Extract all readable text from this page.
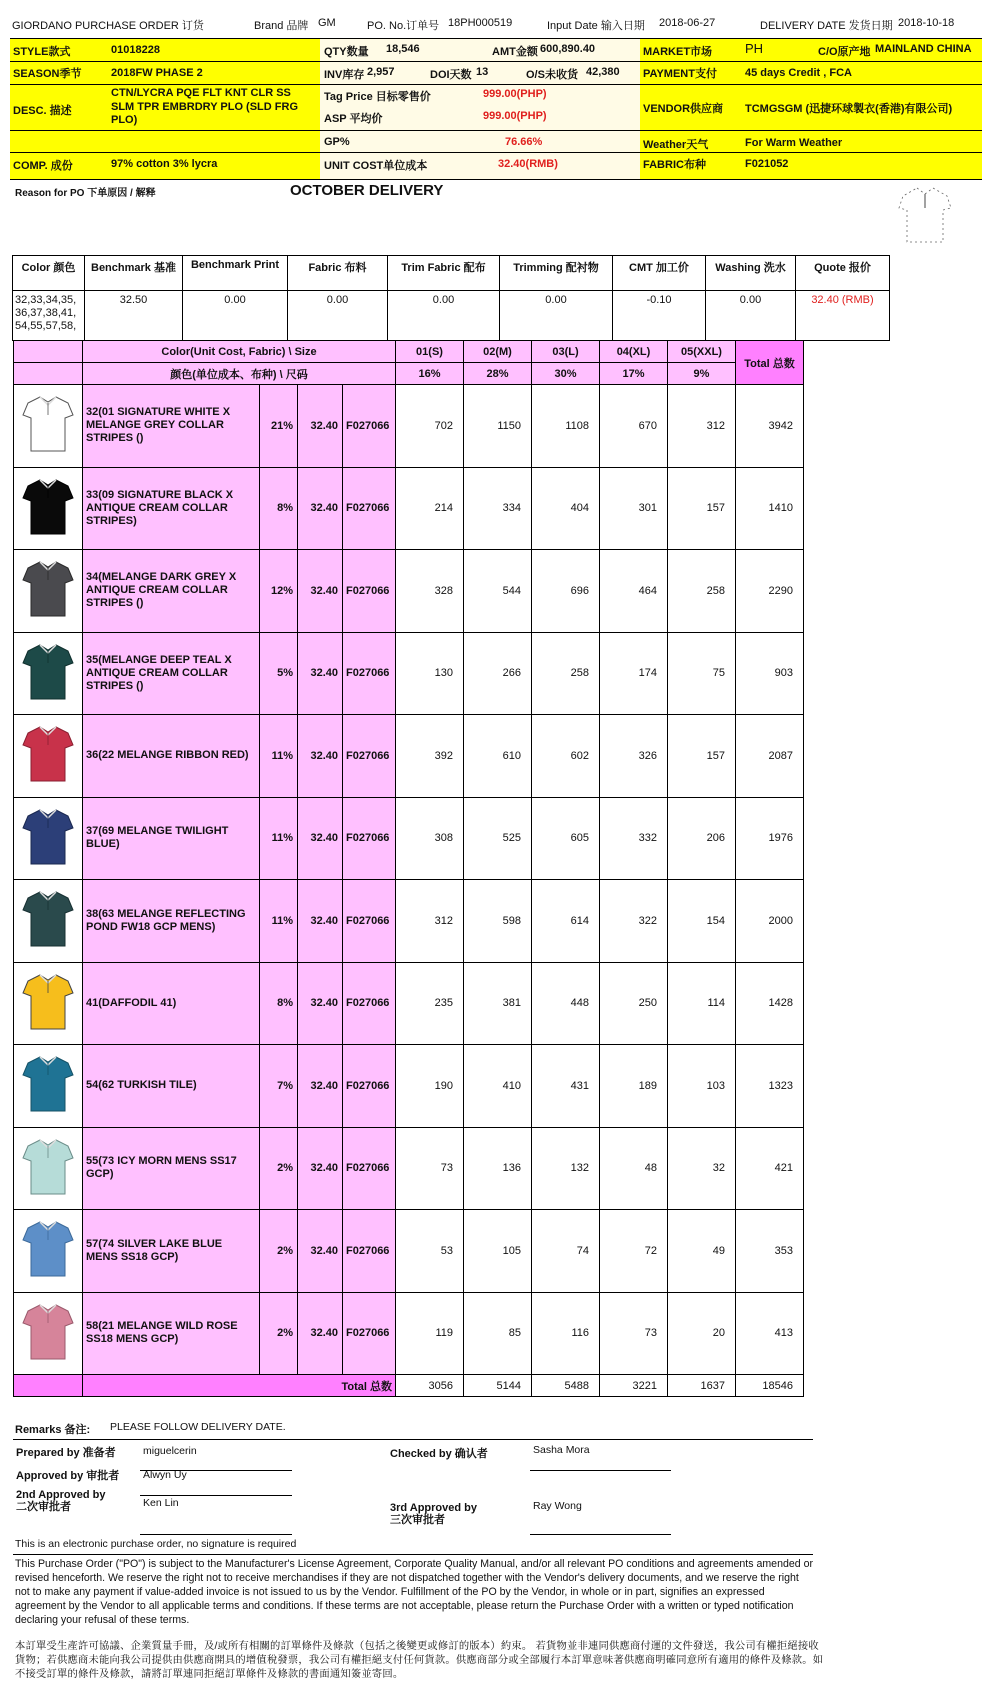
GIORDANO PURCHASE ORDER 订货	Brand 品牌 GM	PO. No.订单号 18PH000519	Input Date 输入日期 2018-06-27	DELIVERY DATE 发货日期 2018-10-18
STYLE款式	01018228
SEASON季节	2018FW PHASE 2
DESC. 描述
CTN/LYCRA PQE FLT KNT CLR SS
SLM TPR EMBRDRY PLO (SLD FRG
PLO)
COMP. 成份	97% cotton 3% lycra
QTY数量 18,546	AMT金额 600,890.40
INV库存 2,957	DOI天数 13	O/S未收货 42,380
Tag Price 目标零售价	999.00(PHP)
ASP 平均价	999.00(PHP)
GP%	76.66%
UNIT COST单位成本	32.40(RMB)
MARKET市场	PH	C/O原产地 MAINLAND CHINA
PAYMENT支付	45 days Credit , FCA
VENDOR供应商 TCMGSGM (迅捷环球製衣(香港)有限公司)
Weather天气	For Warm Weather
FABRIC布种	F021052
Reason for PO 下单原因 / 解释	OCTOBER DELIVERY
Color 颜色	Benchmark 基准	Benchmark Print	Fabric 布料	Trim Fabric 配布	Trimming 配衬物	CMT 加工价	Washing 洗水	Quote 报价

32,33,34,35,
36,37,38,41,
54,55,57,58,	32.50	0.00	0.00	0.00	0.00	-0.10	0.00	32.40 (RMB)
	Color(Unit Cost, Fabric) \ Size				01(S)	02(M)	03(L)	04(XL)	05(XXL)	Total 总数
	颜色(单位成本、布种) \ 尺码				16%	28%	30%	17%	9%	
	32(01 SIGNATURE WHITE X MELANGE GREY COLLAR STRIPES ()	21%	32.40	F027066	702	1150	1108	670	312	3942
	33(09 SIGNATURE BLACK X ANTIQUE CREAM COLLAR STRIPES)	8%	32.40	F027066	214	334	404	301	157	1410
	34(MELANGE DARK GREY X ANTIQUE CREAM COLLAR STRIPES ()	12%	32.40	F027066	328	544	696	464	258	2290
	35(MELANGE DEEP TEAL X ANTIQUE CREAM COLLAR STRIPES ()	5%	32.40	F027066	130	266	258	174	75	903
	36(22 MELANGE RIBBON RED)	11%	32.40	F027066	392	610	602	326	157	2087
	37(69 MELANGE TWILIGHT BLUE)	11%	32.40	F027066	308	525	605	332	206	1976
	38(63 MELANGE REFLECTING POND FW18 GCP MENS)	11%	32.40	F027066	312	598	614	322	154	2000
	41(DAFFODIL 41)	8%	32.40	F027066	235	381	448	250	114	1428
	54(62 TURKISH TILE)	7%	32.40	F027066	190	410	431	189	103	1323
	55(73 ICY MORN MENS SS17 GCP)	2%	32.40	F027066	73	136	132	48	32	421
	57(74 SILVER LAKE BLUE MENS SS18 GCP)	2%	32.40	F027066	53	105	74	72	49	353
	58(21 MELANGE WILD ROSE SS18 MENS GCP)	2%	32.40	F027066	119	85	116	73	20	413
	Total 总数				3056	5144	5488	3221	1637	18546
Remarks 备注: PLEASE FOLLOW DELIVERY DATE.
Prepared by 准备者	miguelcerin	Checked by 确认者	Sasha Mora
Approved by 审批者 Alwyn Uy
2nd Approved by
二次审批者	Ken Lin	3rd Approved by
三次审批者
Ray Wong
This is an electronic purchase order, no signature is required
This Purchase Order ("PO") is subject to the Manufacturer's License Agreement, Corporate Quality Manual, and/or all relevant PO conditions and agreements amended or revised henceforth. We reserve the right not to receive merchandises if they are not dispatched together with the Vendor's delivery documents, and we reserve the right not to make any payment if value-added invoice is not issued to us by the Vendor. Fulfillment of the PO by the Vendor, in whole or in part, signifies an expressed agreement by the Vendor to all applicable terms and conditions. If these terms are not acceptable, please return the Purchase Order with a written or typed notification declaring your refusal of these terms.
本訂單受生產許可協議、企業質量手冊，及/或所有相關的訂單條件及條款（包括之後變更或修訂的版本）約束。 若貨物並非連同供應商付運的文件發送，我公司有權拒絕接收貨物；若供應商未能向我公司提供由供應商開具的增值稅發票，我公司有權拒絕支付任何貨款。供應商部分或全部履行本訂單意味著供應商明確同意所有適用的條件及條款。如不接受訂單的條件及條款，請將訂單連同拒絕訂單條件及條款的書面通知簽並寄回。
